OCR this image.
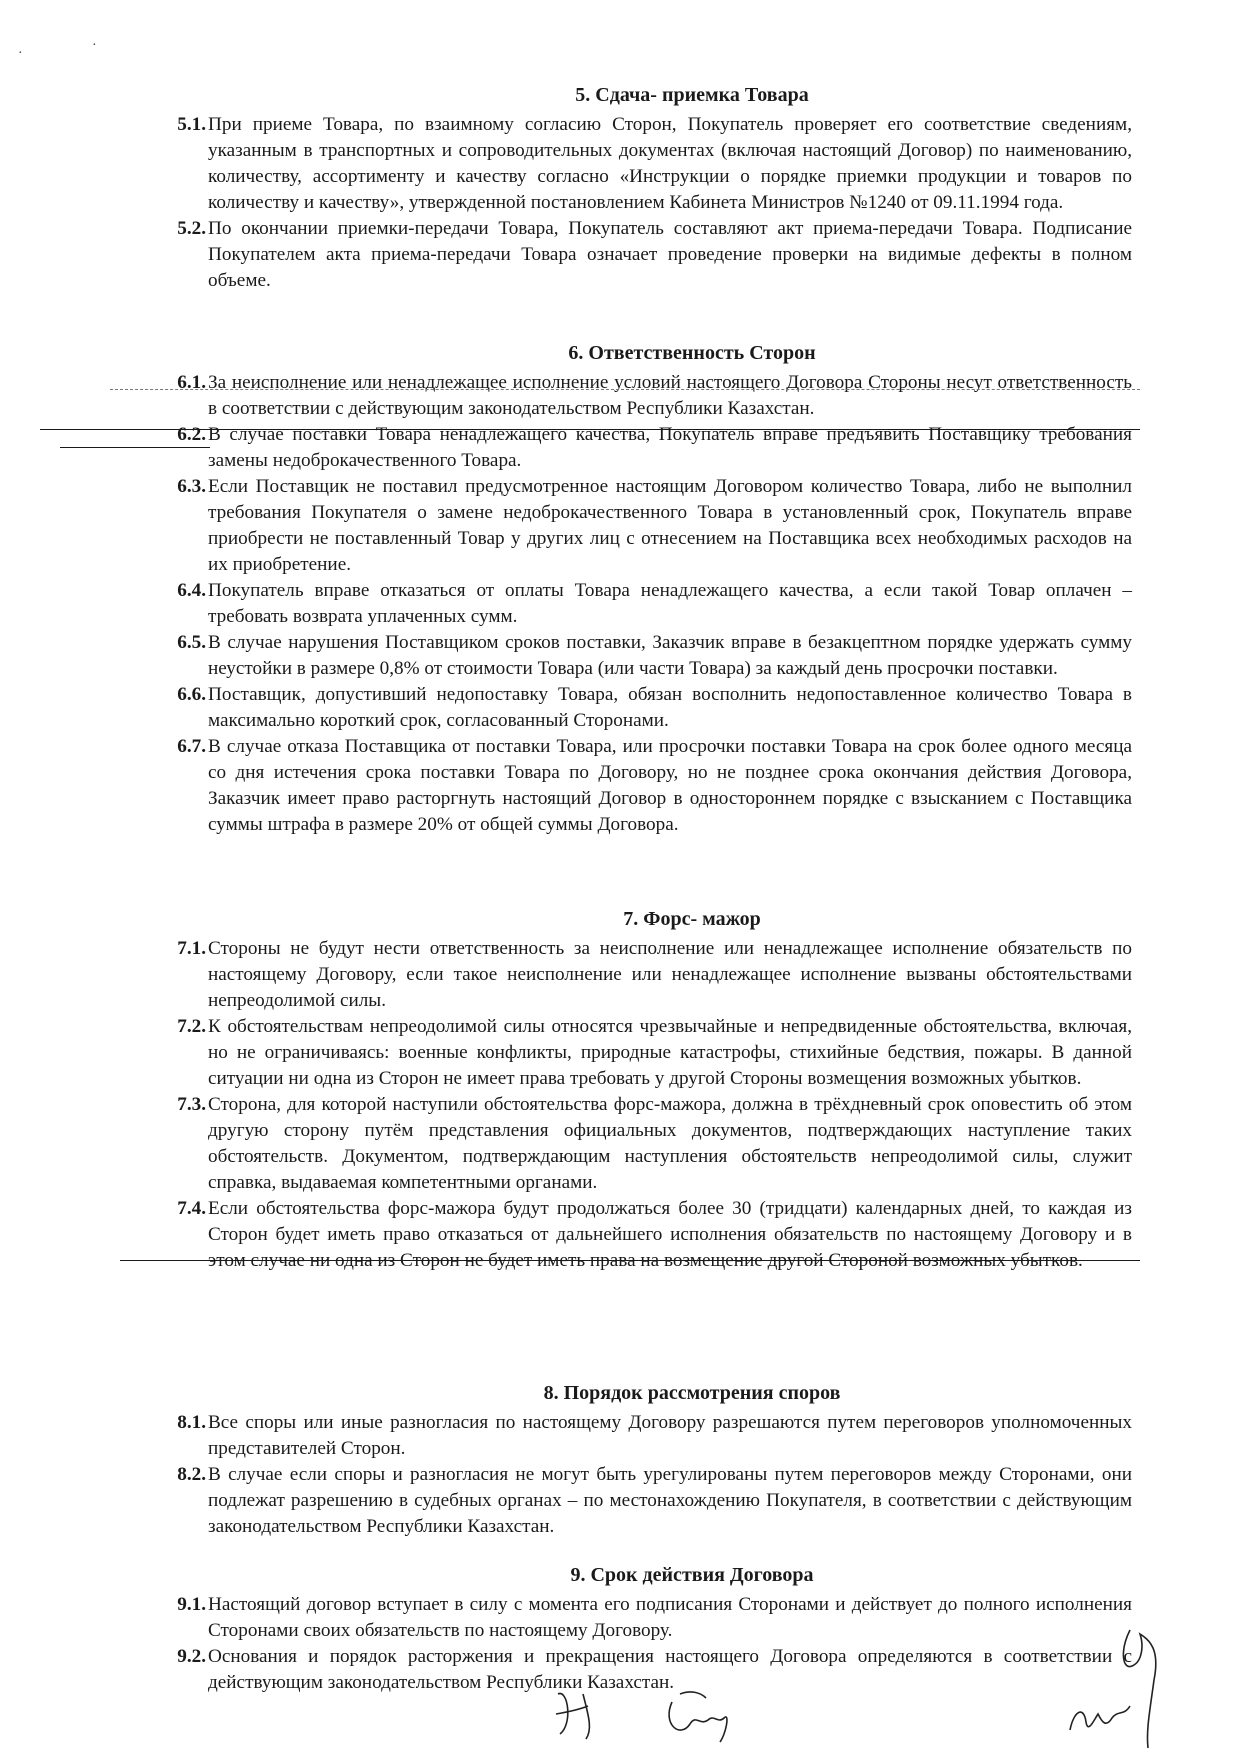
·
·
5. Сдача- приемка Товара
5.1. При приеме Товара, по взаимному согласию Сторон, Покупатель проверяет его соответствие сведениям, указанным в транспортных и сопроводительных документах (включая настоящий Договор) по наименованию, количеству, ассортименту и качеству согласно «Инструкции о порядке приемки продукции и товаров по количеству и качеству», утвержденной постановлением Кабинета Министров №1240 от 09.11.1994 года.
5.2. По окончании приемки-передачи Товара, Покупатель составляют акт приема-передачи Товара. Подписание Покупателем акта приема-передачи Товара означает проведение проверки на видимые дефекты в полном объеме.
6. Ответственность Сторон
6.1. За неисполнение или ненадлежащее исполнение условий настоящего Договора Стороны несут ответственность в соответствии с действующим законодательством Республики Казахстан.
6.2. В случае поставки Товара ненадлежащего качества, Покупатель вправе предъявить Поставщику требования замены недоброкачественного Товара.
6.3. Если Поставщик не поставил предусмотренное настоящим Договором количество Товара, либо не выполнил требования Покупателя о замене недоброкачественного Товара в установленный срок, Покупатель вправе приобрести не поставленный Товар у других лиц с отнесением на Поставщика всех необходимых расходов на их приобретение.
6.4. Покупатель вправе отказаться от оплаты Товара ненадлежащего качества, а если такой Товар оплачен – требовать возврата уплаченных сумм.
6.5. В случае нарушения Поставщиком сроков поставки, Заказчик вправе в безакцептном порядке удержать сумму неустойки в размере 0,8% от стоимости Товара (или части Товара) за каждый день просрочки поставки.
6.6. Поставщик, допустивший недопоставку Товара, обязан восполнить недопоставленное количество Товара в максимально короткий срок, согласованный Сторонами.
6.7. В случае отказа Поставщика от поставки Товара, или просрочки поставки Товара на срок более одного месяца со дня истечения срока поставки Товара по Договору, но не позднее срока окончания действия Договора, Заказчик имеет право расторгнуть настоящий Договор в одностороннем порядке с взысканием с Поставщика суммы штрафа в размере 20% от общей суммы Договора.
7. Форс- мажор
7.1. Стороны не будут нести ответственность за неисполнение или ненадлежащее исполнение обязательств по настоящему Договору, если такое неисполнение или ненадлежащее исполнение вызваны обстоятельствами непреодолимой силы.
7.2. К обстоятельствам непреодолимой силы относятся чрезвычайные и непредвиденные обстоятельства, включая, но не ограничиваясь: военные конфликты, природные катастрофы, стихийные бедствия, пожары. В данной ситуации ни одна из Сторон не имеет права требовать у другой Стороны возмещения возможных убытков.
7.3. Сторона, для которой наступили обстоятельства форс-мажора, должна в трёхдневный срок оповестить об этом другую сторону путём представления официальных документов, подтверждающих наступление таких обстоятельств. Документом, подтверждающим наступления обстоятельств непреодолимой силы, служит справка, выдаваемая компетентными органами.
7.4. Если обстоятельства форс-мажора будут продолжаться более 30 (тридцати) календарных дней, то каждая из Сторон будет иметь право отказаться от дальнейшего исполнения обязательств по настоящему Договору и в этом случае ни одна из Сторон не будет иметь права на возмещение другой Стороной возможных убытков.
8. Порядок рассмотрения споров
8.1. Все споры или иные разногласия по настоящему Договору разрешаются путем переговоров уполномоченных представителей Сторон.
8.2. В случае если споры и разногласия не могут быть урегулированы путем переговоров между Сторонами, они подлежат разрешению в судебных органах – по местонахождению Покупателя, в соответствии с действующим законодательством Республики Казахстан.
9. Срок действия Договора
9.1. Настоящий договор вступает в силу с момента его подписания Сторонами и действует до полного исполнения Сторонами своих обязательств по настоящему Договору.
9.2. Основания и порядок расторжения и прекращения настоящего Договора определяются в соответствии с действующим законодательством Республики Казахстан.
